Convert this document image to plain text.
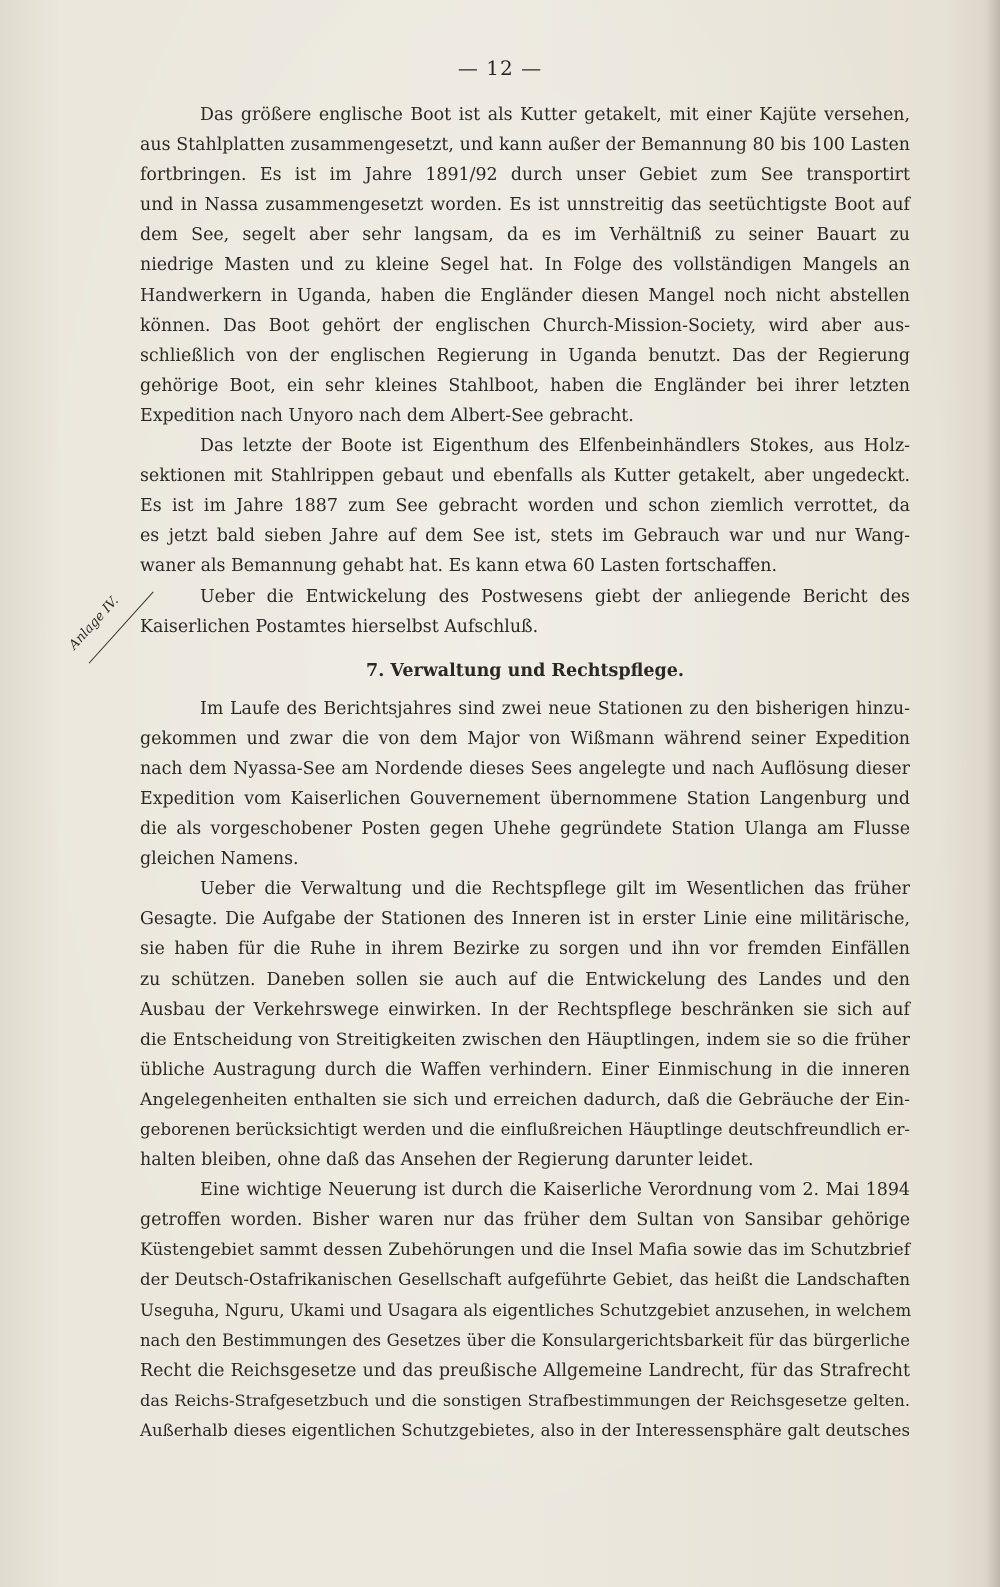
— 12 —
Anlage IV.
Das größere englische Boot ist als Kutter getakelt, mit einer Kajüte versehen,
aus Stahlplatten zusammengesetzt, und kann außer der Bemannung 80 bis 100 Lasten
fortbringen. Es ist im Jahre 1891/92 durch unser Gebiet zum See transportirt
und in Nassa zusammengesetzt worden. Es ist unnstreitig das seetüchtigste Boot auf
dem See, segelt aber sehr langsam, da es im Verhältniß zu seiner Bauart zu
niedrige Masten und zu kleine Segel hat. In Folge des vollständigen Mangels an
Handwerkern in Uganda, haben die Engländer diesen Mangel noch nicht abstellen
können. Das Boot gehört der englischen Church-Mission-Society, wird aber aus-
schließlich von der englischen Regierung in Uganda benutzt. Das der Regierung
gehörige Boot, ein sehr kleines Stahlboot, haben die Engländer bei ihrer letzten
Expedition nach Unyoro nach dem Albert-See gebracht.
Das letzte der Boote ist Eigenthum des Elfenbeinhändlers Stokes, aus Holz-
sektionen mit Stahlrippen gebaut und ebenfalls als Kutter getakelt, aber ungedeckt.
Es ist im Jahre 1887 zum See gebracht worden und schon ziemlich verrottet, da
es jetzt bald sieben Jahre auf dem See ist, stets im Gebrauch war und nur Wang-
waner als Bemannung gehabt hat. Es kann etwa 60 Lasten fortschaffen.
Ueber die Entwickelung des Postwesens giebt der anliegende Bericht des
Kaiserlichen Postamtes hierselbst Aufschluß.
7. Verwaltung und Rechtspflege.
Im Laufe des Berichtsjahres sind zwei neue Stationen zu den bisherigen hinzu-
gekommen und zwar die von dem Major von Wißmann während seiner Expedition
nach dem Nyassa-See am Nordende dieses Sees angelegte und nach Auflösung dieser
Expedition vom Kaiserlichen Gouvernement übernommene Station Langenburg und
die als vorgeschobener Posten gegen Uhehe gegründete Station Ulanga am Flusse
gleichen Namens.
Ueber die Verwaltung und die Rechtspflege gilt im Wesentlichen das früher
Gesagte. Die Aufgabe der Stationen des Inneren ist in erster Linie eine militärische,
sie haben für die Ruhe in ihrem Bezirke zu sorgen und ihn vor fremden Einfällen
zu schützen. Daneben sollen sie auch auf die Entwickelung des Landes und den
Ausbau der Verkehrswege einwirken. In der Rechtspflege beschränken sie sich auf
die Entscheidung von Streitigkeiten zwischen den Häuptlingen, indem sie so die früher
übliche Austragung durch die Waffen verhindern. Einer Einmischung in die inneren
Angelegenheiten enthalten sie sich und erreichen dadurch, daß die Gebräuche der Ein-
geborenen berücksichtigt werden und die einflußreichen Häuptlinge deutschfreundlich er-
halten bleiben, ohne daß das Ansehen der Regierung darunter leidet.
Eine wichtige Neuerung ist durch die Kaiserliche Verordnung vom 2. Mai 1894
getroffen worden. Bisher waren nur das früher dem Sultan von Sansibar gehörige
Küstengebiet sammt dessen Zubehörungen und die Insel Mafia sowie das im Schutzbrief
der Deutsch-Ostafrikanischen Gesellschaft aufgeführte Gebiet, das heißt die Landschaften
Useguha, Nguru, Ukami und Usagara als eigentliches Schutzgebiet anzusehen, in welchem
nach den Bestimmungen des Gesetzes über die Konsulargerichtsbarkeit für das bürgerliche
Recht die Reichsgesetze und das preußische Allgemeine Landrecht, für das Strafrecht
das Reichs-Strafgesetzbuch und die sonstigen Strafbestimmungen der Reichsgesetze gelten.
Außerhalb dieses eigentlichen Schutzgebietes, also in der Interessensphäre galt deutsches
